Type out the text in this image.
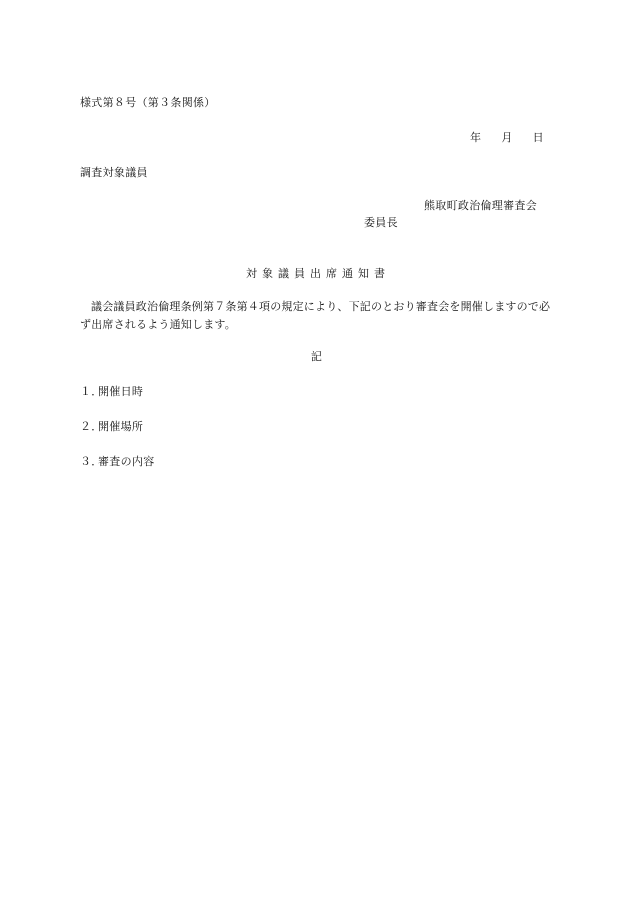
様式第８号（第３条関係）
年 月 日
調査対象議員
熊取町政治倫理審査会
委員長
対象議員出席通知書
議会議員政治倫理条例第７条第４項の規定により、下記のとおり審査会を開催しますので必ず出席されるよう通知します。
記
１．開催日時
２．開催場所
３．審査の内容
